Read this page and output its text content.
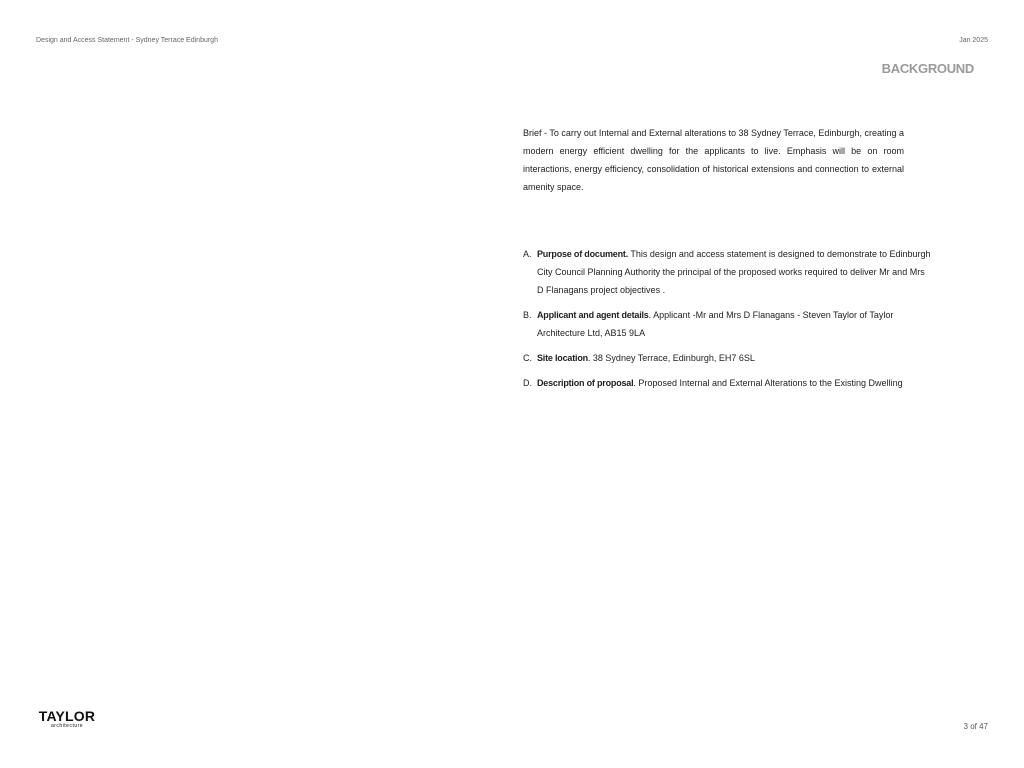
Design and Access Statement - Sydney Terrace Edinburgh	Jan 2025
BACKGROUND

Brief - To carry out Internal and External alterations to 38 Sydney Terrace, Edinburgh, creating a modern energy efficient dwelling for the applicants to live. Emphasis will be on room interactions, energy efficiency, consolidation of historical extensions and connection to external amenity space.

A. Purpose of document. This design and access statement is designed to demonstrate to Edinburgh City Council Planning Authority the principal of the proposed works required to deliver Mr and Mrs D Flanagans project objectives .
B. Applicant and agent details. Applicant -Mr and Mrs D Flanagans - Steven Taylor of Taylor Architecture Ltd, AB15 9LA
C. Site location. 38 Sydney Terrace, Edinburgh, EH7 6SL
D. Description of proposal. Proposed Internal and External Alterations to the Existing Dwelling
TAYLOR
architecture	3 of 47
